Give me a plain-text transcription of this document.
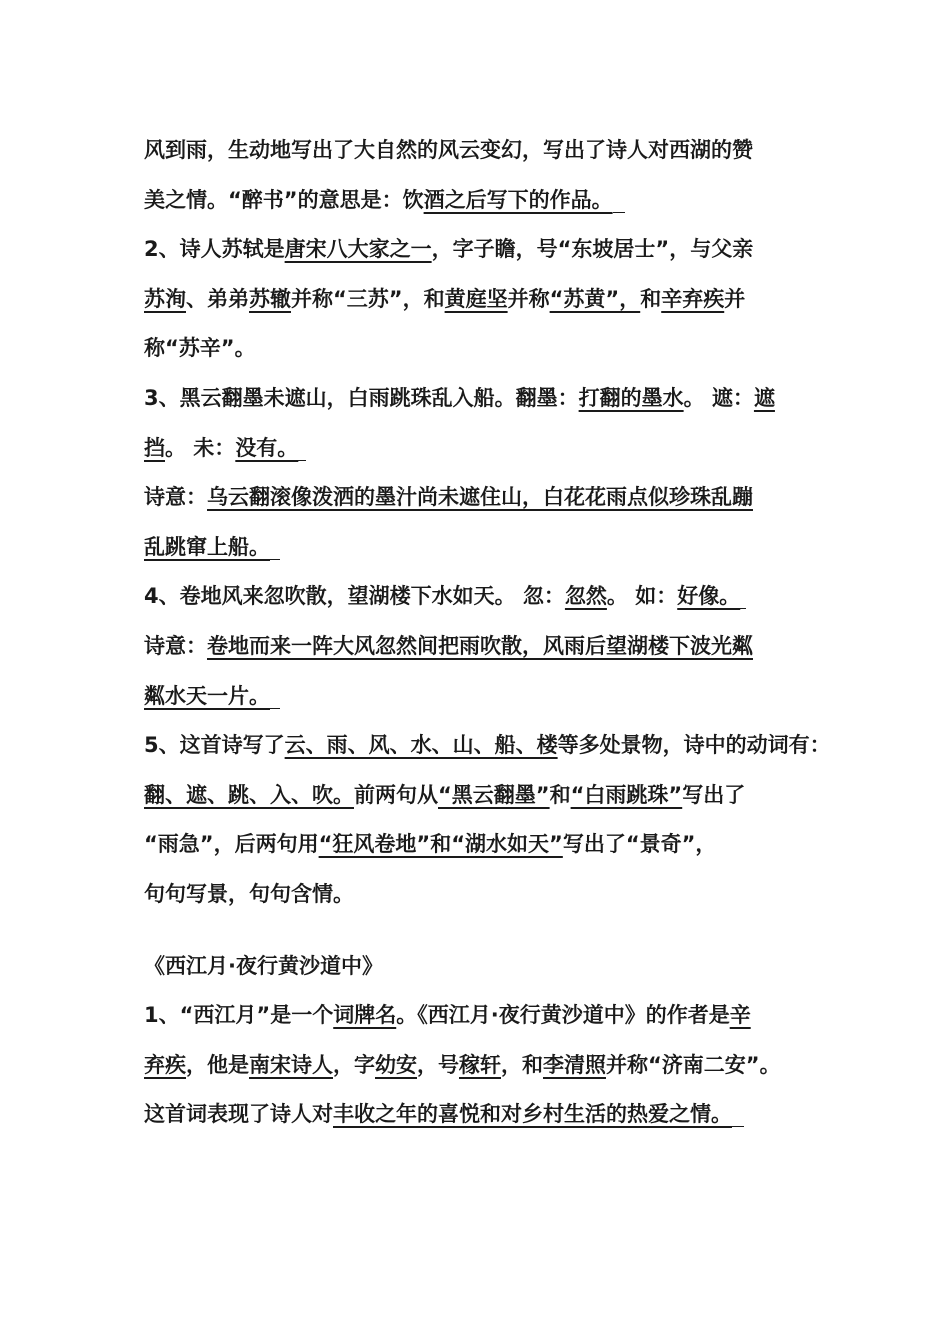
风到雨，生动地写出了大自然的风云变幻，写出了诗人对西湖的赞
美之情。“醉书”的意思是：饮酒之后写下的作品。
2、诗人苏轼是唐宋八大家之一，字子瞻，号“东坡居士”，与父亲
苏洵、弟弟苏辙并称“三苏”，和黄庭坚并称“苏黄”，和辛弃疾并
称“苏辛”。
3、黑云翻墨未遮山，白雨跳珠乱入船。翻墨：打翻的墨水。 遮：遮
挡。 未：没有。
诗意：乌云翻滚像泼洒的墨汁尚未遮住山，白花花雨点似珍珠乱蹦
乱跳窜上船。
4、卷地风来忽吹散，望湖楼下水如天。 忽：忽然。 如：好像。
诗意：卷地而来一阵大风忽然间把雨吹散，风雨后望湖楼下波光粼
粼水天一片。
5、这首诗写了云、雨、风、水、山、船、楼等多处景物，诗中的动词有：
翻、遮、跳、入、吹。前两句从“黑云翻墨”和“白雨跳珠”写出了
“雨急”，后两句用“狂风卷地”和“湖水如天”写出了“景奇”，
句句写景，句句含情。
《西江月·夜行黄沙道中》
1、“西江月”是一个词牌名。《西江月·夜行黄沙道中》的作者是辛
弃疾，他是南宋诗人，字幼安，号稼轩，和李清照并称“济南二安”。
这首词表现了诗人对丰收之年的喜悦和对乡村生活的热爱之情。
